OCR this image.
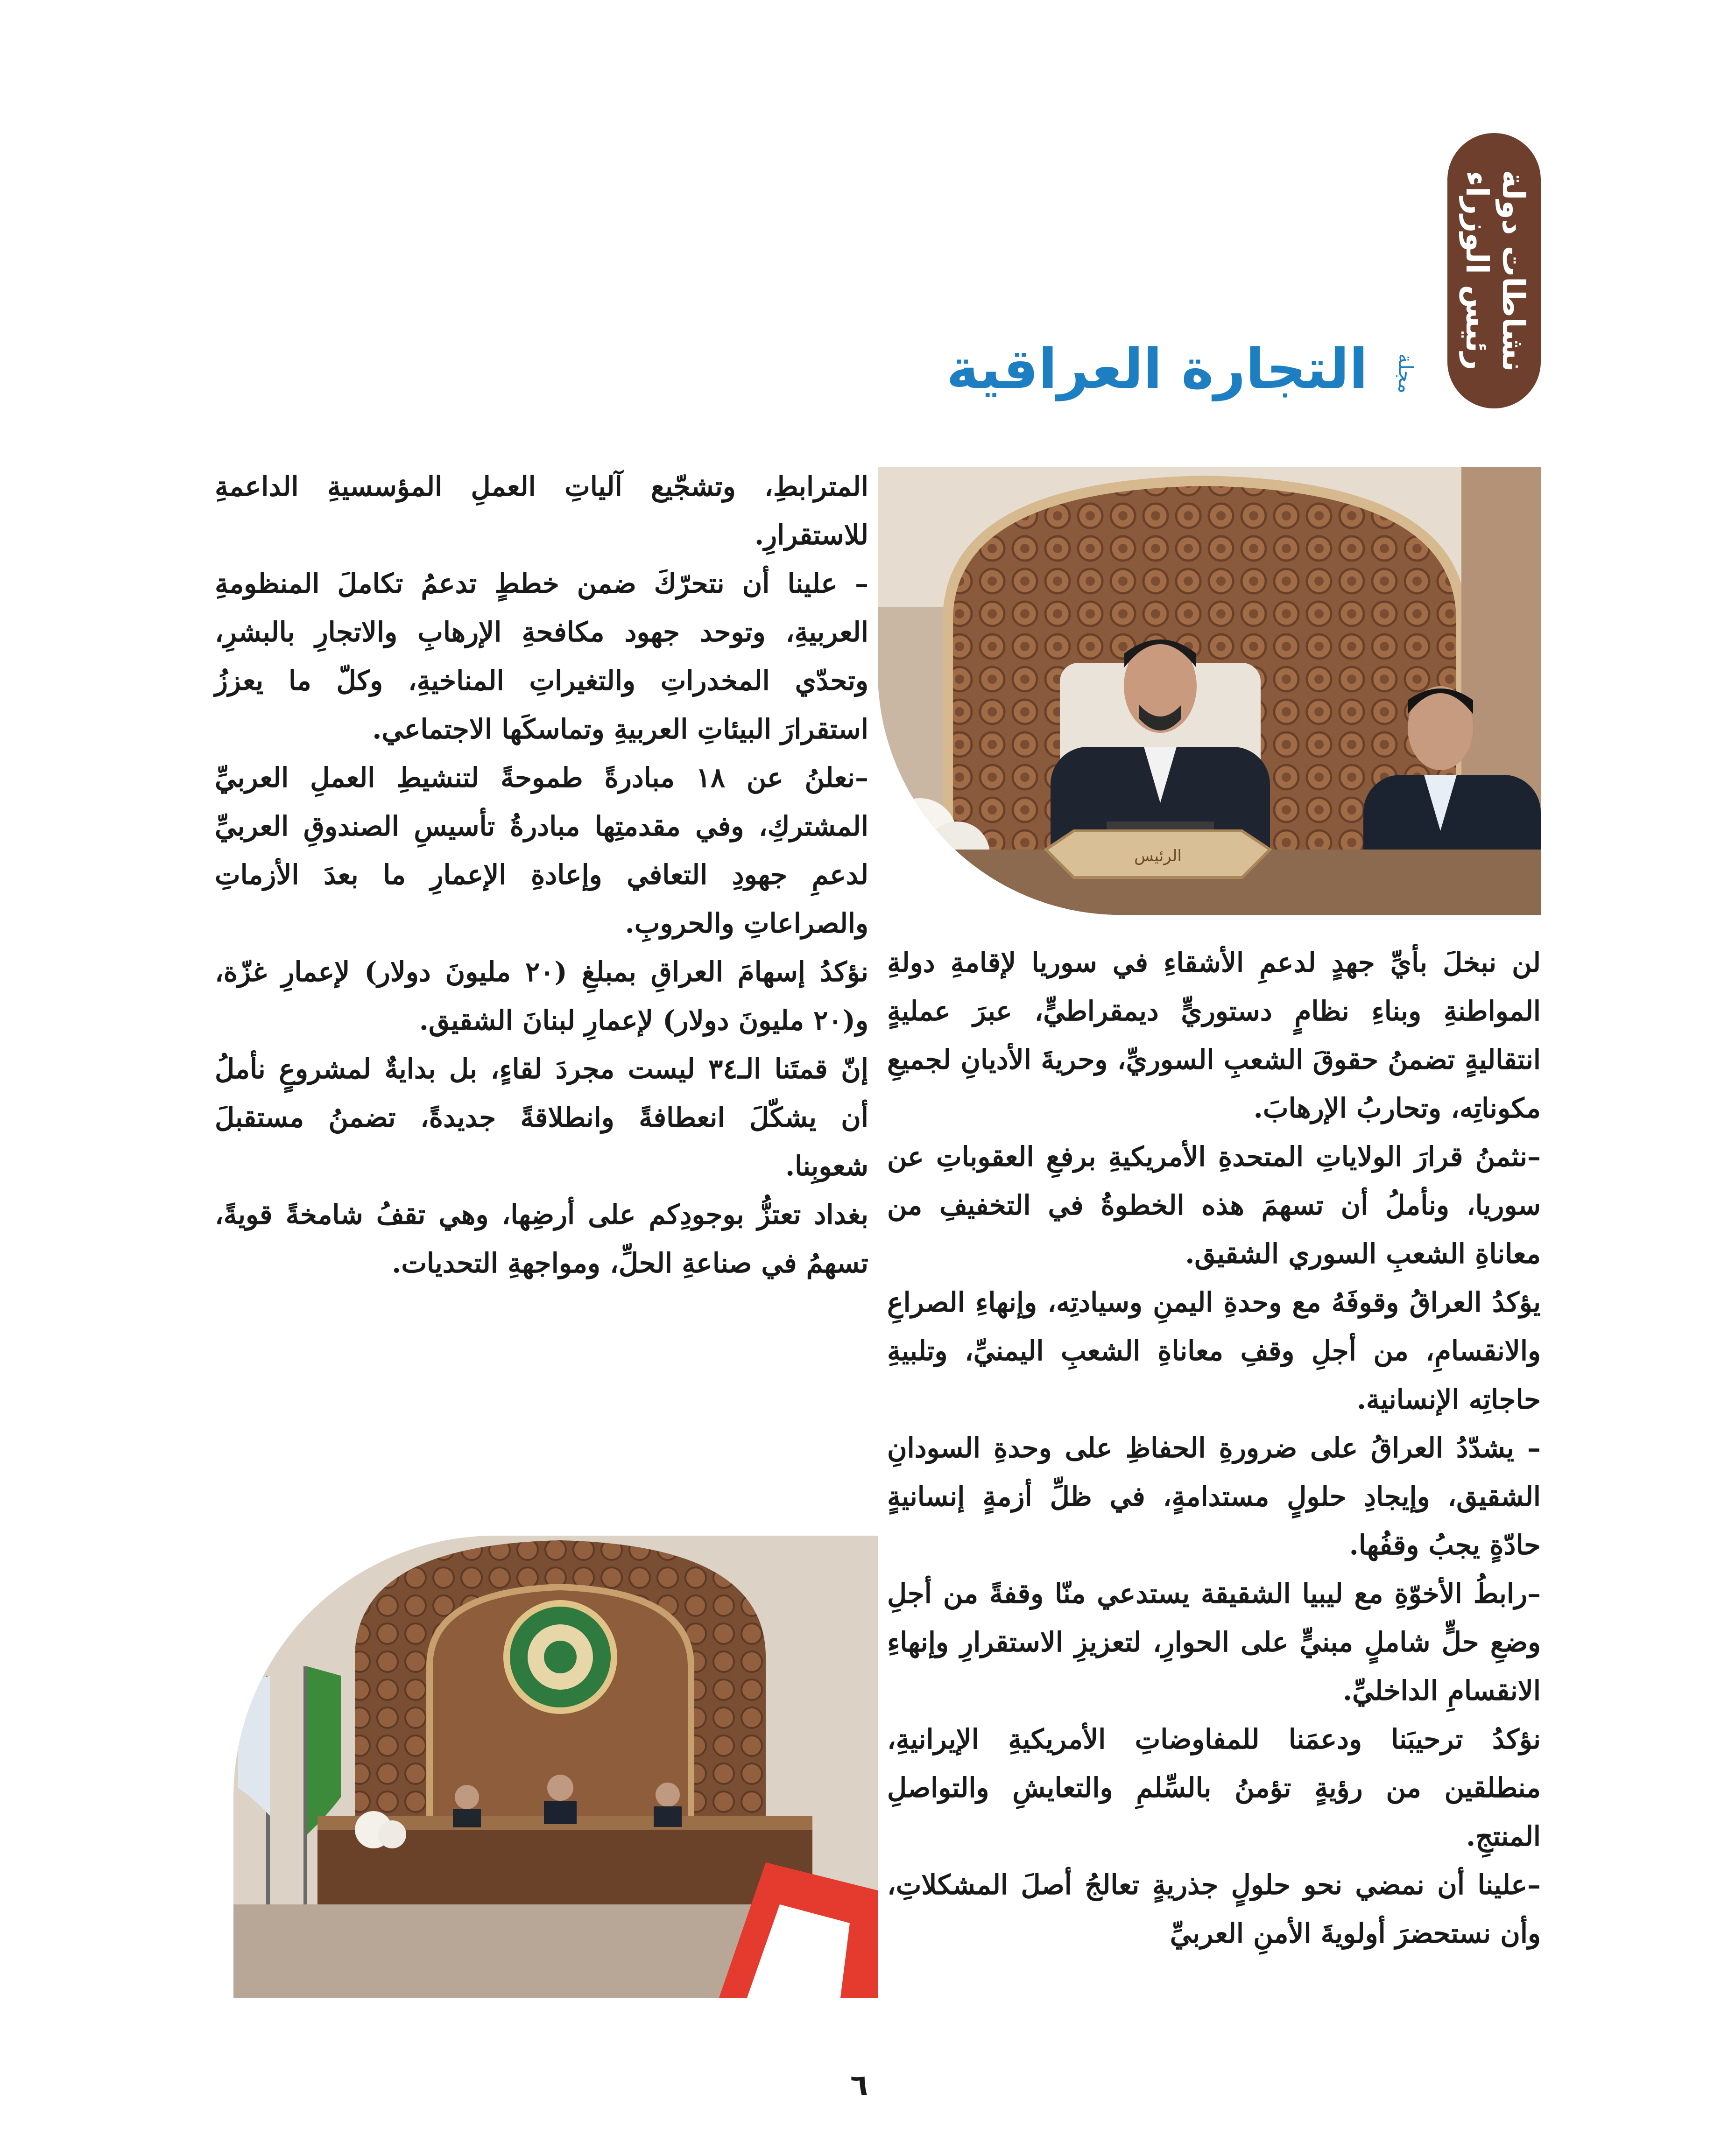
نشاطات دولة رئيس الوزراء
مجلة
التجارة العراقية
الرئيس

المترابطِ، وتشجّيع آلياتِ العملِ المؤسسيةِ الداعمةِ للاستقرارِ.

– علينا أن نتحرّكَ ضمن خططٍ تدعمُ تكاملَ المنظومةِ العربيةِ، وتوحد جهود مكافحةِ الإرهابِ والاتجارِ بالبشرِ، وتحدّي المخدراتِ والتغيراتِ المناخيةِ، وكلّ ما يعززُ استقرارَ البيئاتِ العربيةِ وتماسكَها الاجتماعي.

–نعلنُ عن ١٨ مبادرةً طموحةً لتنشيطِ العملِ العربيِّ المشتركِ، وفي مقدمتِها مبادرةُ تأسيسِ الصندوقِ العربيِّ لدعمِ جهودِ التعافي وإعادةِ الإعمارِ ما بعدَ الأزماتِ والصراعاتِ والحروبِ.

نؤكدُ إسهامَ العراقِ بمبلغِ (٢٠ مليونَ دولار) لإعمارِ غزّة، و(٢٠ مليونَ دولار) لإعمارِ لبنانَ الشقيق.

إنّ قمتَنا الـ٣٤ ليست مجردَ لقاءٍ، بل بدايةٌ لمشروعٍ نأملُ أن يشكّلَ انعطافةً وانطلاقةً جديدةً، تضمنُ مستقبلَ شعوبِنا.

بغداد تعتزُّ بوجودِكم على أرضِها، وهي تقفُ شامخةً قويةً، تسهمُ في صناعةِ الحلِّ، ومواجهةِ التحديات.

لن نبخلَ بأيِّ جهدٍ لدعمِ الأشقاءِ في سوريا لإقامةِ دولةِ المواطنةِ وبناءِ نظامٍ دستوريٍّ ديمقراطيٍّ، عبرَ عمليةٍ انتقاليةٍ تضمنُ حقوقَ الشعبِ السوريِّ، وحريةَ الأديانِ لجميعِ مكوناتِه، وتحاربُ الإرهابَ.

–نثمنُ قرارَ الولاياتِ المتحدةِ الأمريكيةِ برفعِ العقوباتِ عن سوريا، ونأملُ أن تسهمَ هذه الخطوةُ في التخفيفِ من معاناةِ الشعبِ السوري الشقيق.

يؤكدُ العراقُ وقوفَهُ مع وحدةِ اليمنِ وسيادتِه، وإنهاءِ الصراعِ والانقسامِ، من أجلِ وقفِ معاناةِ الشعبِ اليمنيِّ، وتلبيةِ حاجاتِه الإنسانية.

– يشدّدُ العراقُ على ضرورةِ الحفاظِ على وحدةِ السودانِ الشقيق، وإيجادِ حلولٍ مستدامةٍ، في ظلِّ أزمةٍ إنسانيةٍ حادّةٍ يجبُ وقفُها.

–رابطُ الأخوّةِ مع ليبيا الشقيقة يستدعي منّا وقفةً من أجلِ وضعِ حلٍّ شاملٍ مبنيٍّ على الحوارِ، لتعزيزِ الاستقرارِ وإنهاءِ الانقسامِ الداخليِّ.

نؤكدُ ترحيبَنا ودعمَنا للمفاوضاتِ الأمريكيةِ الإيرانيةِ، منطلقين من رؤيةٍ تؤمنُ بالسِّلمِ والتعايشِ والتواصلِ المنتجِ.

–علينا أن نمضي نحو حلولٍ جذريةٍ تعالجُ أصلَ المشكلاتِ، وأن نستحضرَ أولويةَ الأمنِ العربيِّ

٦
